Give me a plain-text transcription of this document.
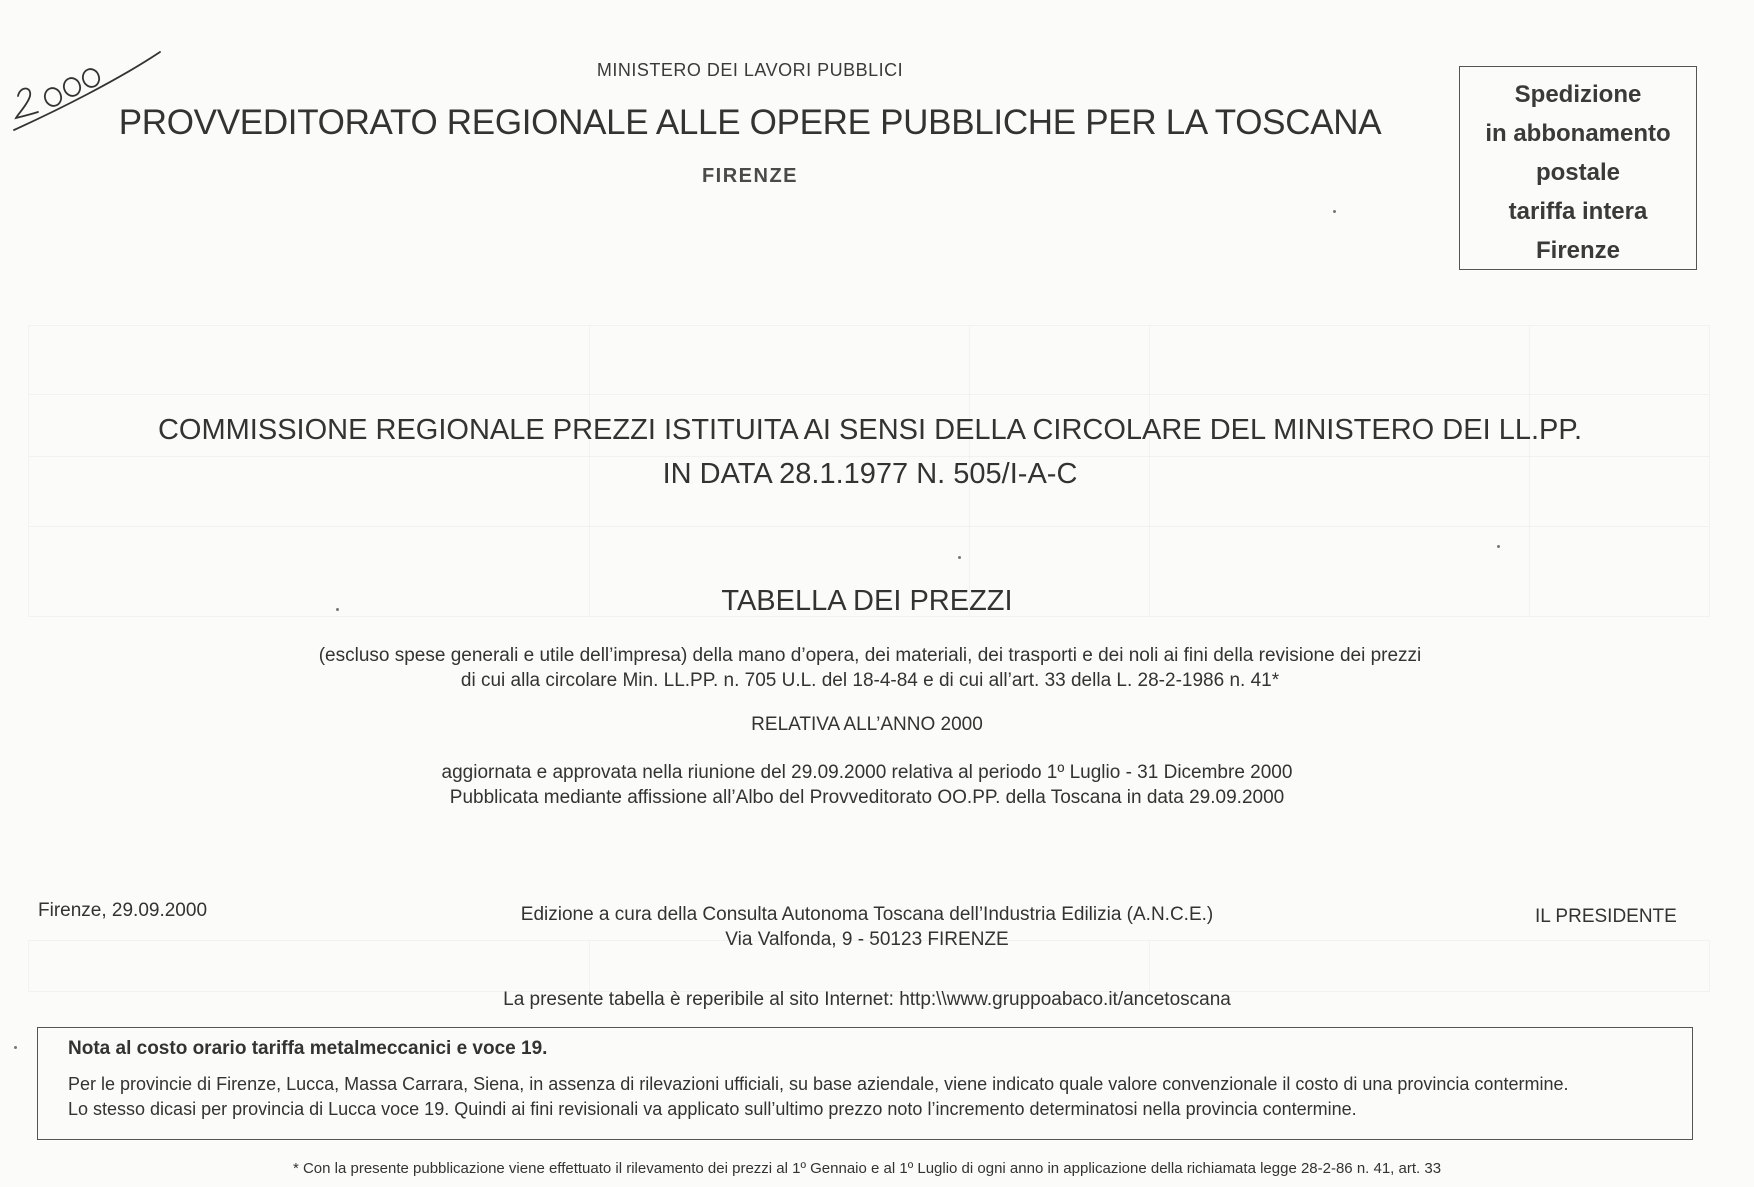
MINISTERO DEI LAVORI PUBBLICI
PROVVEDITORATO REGIONALE ALLE OPERE PUBBLICHE PER LA TOSCANA
FIRENZE
Spedizione
in abbonamento
postale
tariffa intera
Firenze
COMMISSIONE REGIONALE PREZZI ISTITUITA AI SENSI DELLA CIRCOLARE DEL MINISTERO DEI LL.PP.
IN DATA 28.1.1977 N. 505/I-A-C
TABELLA DEI PREZZI
(escluso spese generali e utile dell’impresa) della mano d’opera, dei materiali, dei trasporti e dei noli ai fini della revisione dei prezzi
di cui alla circolare Min. LL.PP. n. 705 U.L. del 18-4-84 e di cui all’art. 33 della L. 28-2-1986 n. 41*
RELATIVA ALL’ANNO 2000
aggiornata e approvata nella riunione del 29.09.2000 relativa al periodo 1º Luglio - 31 Dicembre 2000
Pubblicata mediante affissione all’Albo del Provveditorato OO.PP. della Toscana in data 29.09.2000
Firenze, 29.09.2000	Edizione a cura della Consulta Autonoma Toscana dell’Industria Edilizia (A.N.C.E.)
Via Valfonda, 9 - 50123 FIRENZE
IL PRESIDENTE
La presente tabella è reperibile al sito Internet: http:\\www.gruppoabaco.it/ancetoscana
Nota al costo orario tariffa metalmeccanici e voce 19.
Per le provincie di Firenze, Lucca, Massa Carrara, Siena, in assenza di rilevazioni ufficiali, su base aziendale, viene indicato quale valore convenzionale il costo di una provincia contermine.
Lo stesso dicasi per provincia di Lucca voce 19. Quindi ai fini revisionali va applicato sull’ultimo prezzo noto l’incremento determinatosi nella provincia contermine.
* Con la presente pubblicazione viene effettuato il rilevamento dei prezzi al 1º Gennaio e al 1º Luglio di ogni anno in applicazione della richiamata legge 28-2-86 n. 41, art. 33
